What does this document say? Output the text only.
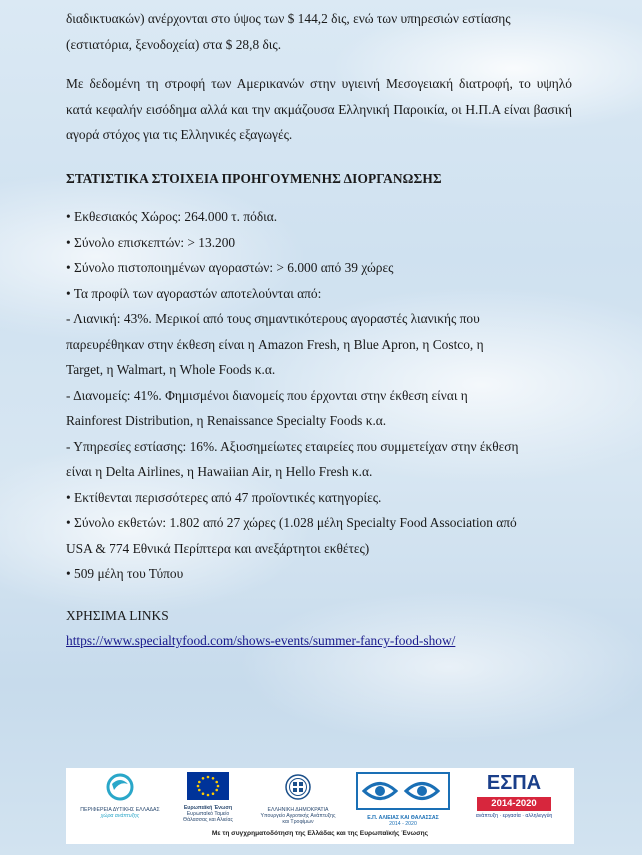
διαδικτυακών) ανέρχονται στο ύψος των $ 144,2 δις, ενώ των υπηρεσιών εστίασης
(εστιατόρια, ξενοδοχεία) στα $ 28,8 δις.

Με δεδομένη τη στροφή των Αμερικανών στην υγιεινή Μεσογειακή διατροφή, το υψηλό κατά κεφαλήν εισόδημα αλλά και την ακμάζουσα Ελληνική Παροικία, οι Η.Π.Α είναι βασική αγορά στόχος για τις Ελληνικές εξαγωγές.

ΣΤΑΤΙΣΤΙΚΑ ΣΤΟΙΧΕΙΑ ΠΡΟΗΓΟΥΜΕΝΗΣ ΔΙΟΡΓΑΝΩΣΗΣ
• Εκθεσιακός Χώρος: 264.000 τ. πόδια.
• Σύνολο επισκεπτών: > 13.200
• Σύνολο πιστοποιημένων αγοραστών: > 6.000 από 39 χώρες
• Τα προφίλ των αγοραστών αποτελούνται από:
- Λιανική: 43%. Μερικοί από τους σημαντικότερους αγοραστές λιανικής που
παρευρέθηκαν στην έκθεση είναι η Amazon Fresh, η Blue Apron, η Costco, η
Target, η Walmart, η Whole Foods κ.α.
- Διανομείς: 41%. Φημισμένοι διανομείς που έρχονται στην έκθεση είναι η
Rainforest Distribution, η Renaissance Specialty Foods κ.α.
- Υπηρεσίες εστίασης: 16%. Αξιοσημείωτες εταιρείες που συμμετείχαν στην έκθεση
είναι η Delta Airlines, η Hawaiian Air, η Hello Fresh κ.α.
• Εκτίθενται περισσότερες από 47 προϊοντικές κατηγορίες.
• Σύνολο εκθετών: 1.802 από 27 χώρες (1.028 μέλη Specialty Food Association από
USA & 774 Εθνικά Περίπτερα και ανεξάρτητοι εκθέτες)
• 509 μέλη του Τύπου
ΧΡΗΣΙΜΑ LINKS
https://www.specialtyfood.com/shows-events/summer-fancy-food-show/
ΠΕΡΙΦΕΡΕΙΑ ΔΥΤΙΚΗΣ ΕΛΛΑΔΑΣ
χώρα ανάπτυξης
Ευρωπαϊκή Ένωση
Ευρωπαϊκό Ταμείο
Θάλασσας και Αλιείας
ΕΛΛΗΝΙΚΗ ΔΗΜΟΚΡΑΤΙΑ
Υπουργείο Αγροτικής Ανάπτυξης
και Τροφίμων
Ε.Π. ΑΛΙΕΙΑΣ ΚΑΙ ΘΑΛΑΣΣΑΣ
2014 - 2020
ΕΣΠΑ
2014-2020
ανάπτυξη · εργασία · αλληλεγγύη
Με τη συγχρηματοδότηση της Ελλάδας και της Ευρωπαϊκής Ένωσης
